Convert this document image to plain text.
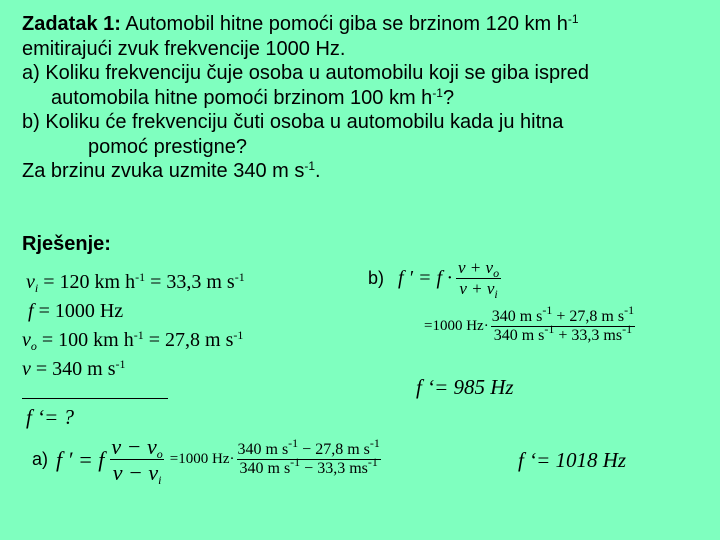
Zadatak 1: Automobil hitne pomoći giba se brzinom 120 km $h^{-1}$
emitirajući zvuk frekvencije 1000 Hz.
a) Koliku frekvenciju čuje osoba u automobilu koji se giba ispred
automobila hitne pomoći brzinom 100 km $h^{-1}$?
b) Koliku će frekvenciju čuti osoba u automobilu kada ju hitna
pomoć prestigne?
Za brzinu zvuka uzmite 340 m $s^{-1}$.
Rješenje:
$v_i = 120$ km $h^{-1} = 33,3$ m $s^{-1}$
f = 1000 Hz
$v_o = 100$ km $h^{-1} = 27,8$ m $s^{-1}$
v = 340 m $s^{-1}$
f ‘= ?
a) f ′ = f $\frac{v - v_o}{v - v_i} =1000$ $Hz\cdot \frac{340 m s^{-1} - 27,8 m s^{-1}}{340 m s^{-1} - 33,3 ms^{-1}}$	f ‘= 1018 Hz
b) f ′ = $f \cdot \frac{v + v_o}{v + v_i}$
=1000 $Hz\cdot \frac{340 m s^{-1} + 27,8 m s^{-1}}{340 m s^{-1} + 33,3 ms^{-1}}$
f ‘= 985 Hz
